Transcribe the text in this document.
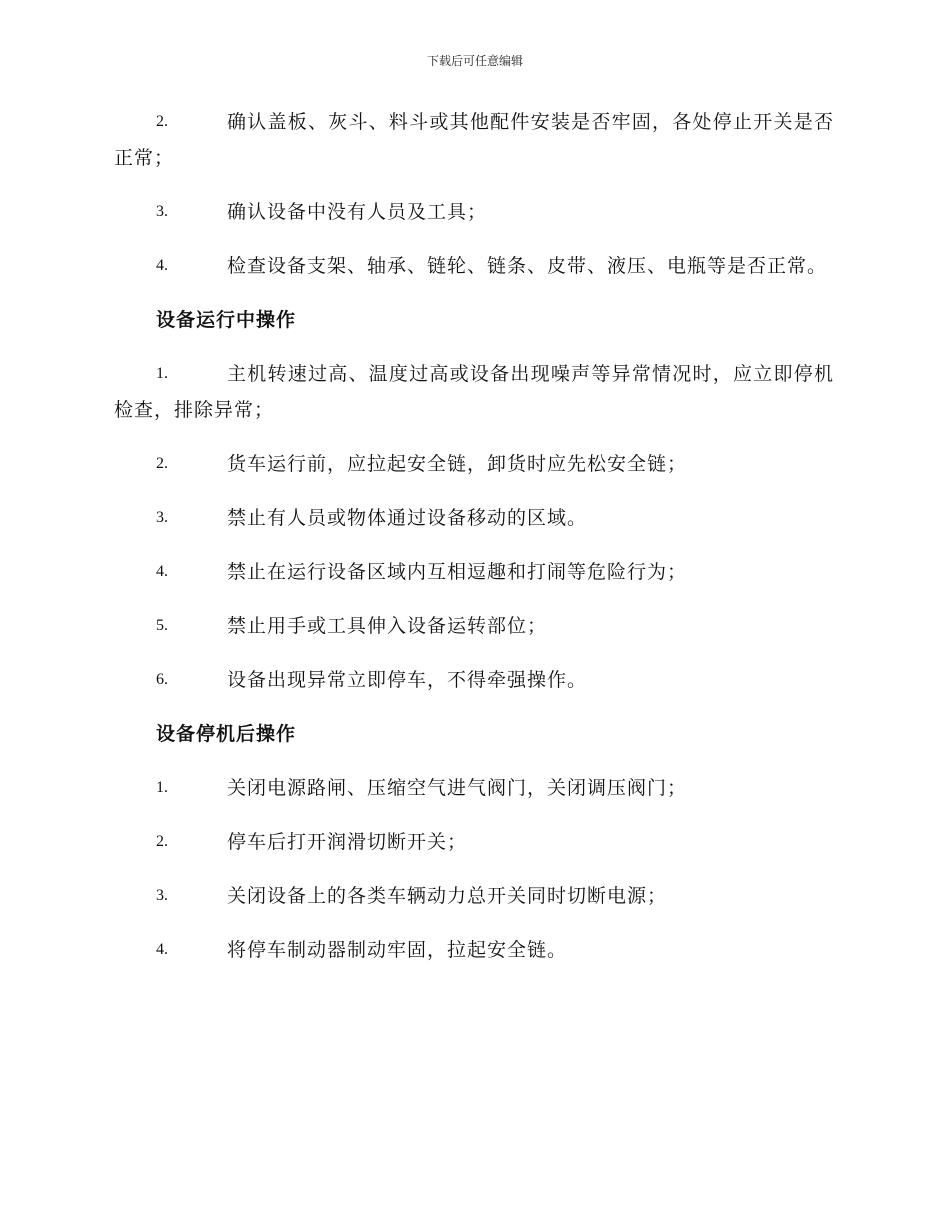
下载后可任意编辑
2.	确认盖板、灰斗、料斗或其他配件安装是否牢固，各处停止开关是否正常；
3.	确认设备中没有人员及工具；
4.	检查设备支架、轴承、链轮、链条、皮带、液压、电瓶等是否正常。
设备运行中操作
1.	主机转速过高、温度过高或设备出现噪声等异常情况时，应立即停机检查，排除异常；
2.	货车运行前，应拉起安全链，卸货时应先松安全链；
3.	禁止有人员或物体通过设备移动的区域。
4.	禁止在运行设备区域内互相逗趣和打闹等危险行为；
5.	禁止用手或工具伸入设备运转部位；
6.	设备出现异常立即停车，不得牵强操作。
设备停机后操作
1.	关闭电源路闸、压缩空气进气阀门，关闭调压阀门；
2.	停车后打开润滑切断开关；
3.	关闭设备上的各类车辆动力总开关同时切断电源；
4.	将停车制动器制动牢固，拉起安全链。
